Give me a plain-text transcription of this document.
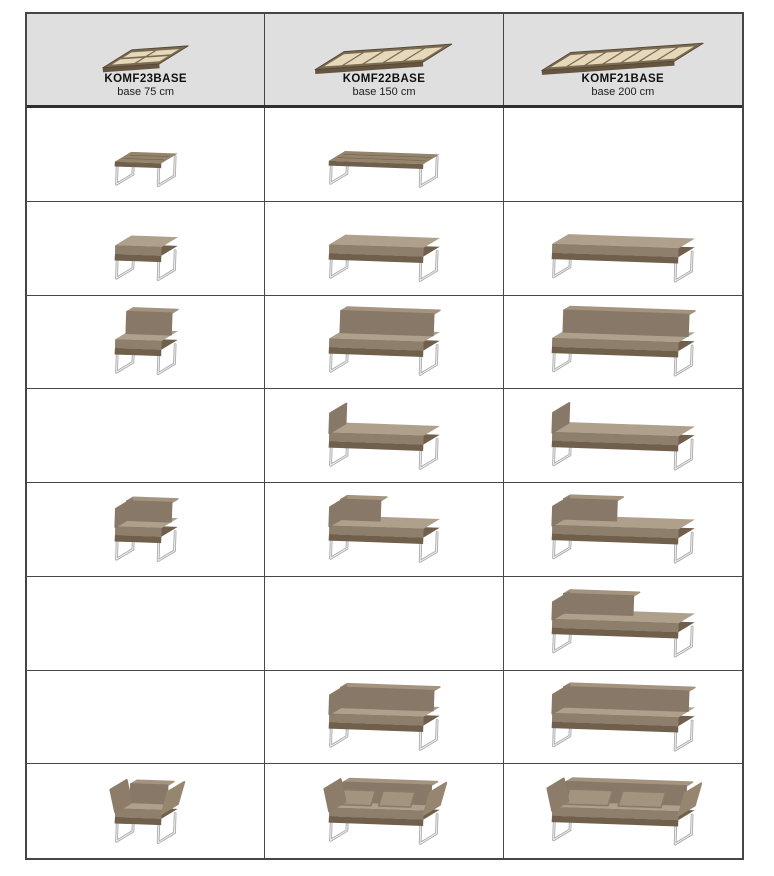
KOMF23BASE
base 75 cm
KOMF22BASE
base 150 cm
KOMF21BASE
base 200 cm
